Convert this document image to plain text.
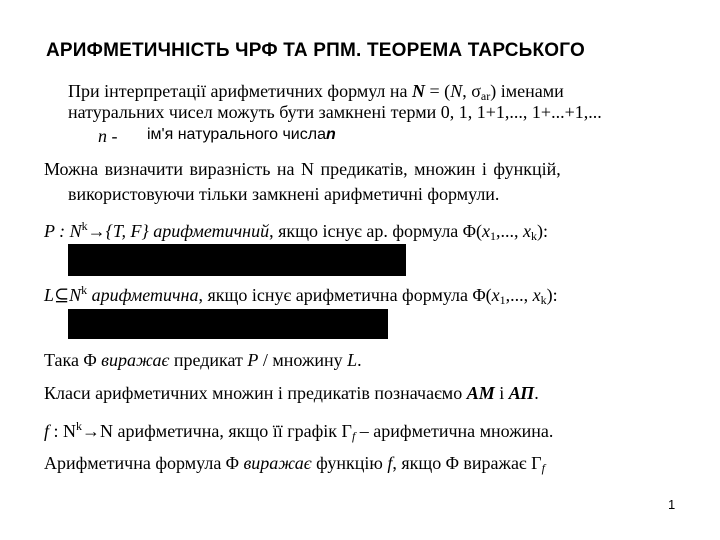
АРИФМЕТИЧНІСТЬ ЧРФ ТА РПМ. ТЕОРЕМА ТАРСЬКОГО
При інтерпретації арифметичних формул на N = (N, $\sigma_{ar}$) іменами
натуральних чисел можуть бути замкнені терми 0, 1, 1+1,..., 1+...+1,...
n - ім'я натурального числаn
Можна визначити виразність на N предикатів, множин і функцій,
використовуючи тільки замкнені арифметичні формули.
P : $N^k\to\{T$, F} арифметичний, якщо існує ар. формула $\Phi(x_1$,..., $x_k$):
$L⊆N^k$ арифметична, якщо існує арифметична формула $\Phi(x_1$,..., $x_k$):
Така Φ виражає предикат P / множину L.
Класи арифметичних множин і предикатів позначаємо АМ і АП.
f : $N^k\to N$ арифметична, якщо її графік $\Gamma_f$ – арифметична множина.
Арифметична формула Φ виражає функцію f, якщо Φ виражає $\Gamma_f$
1
